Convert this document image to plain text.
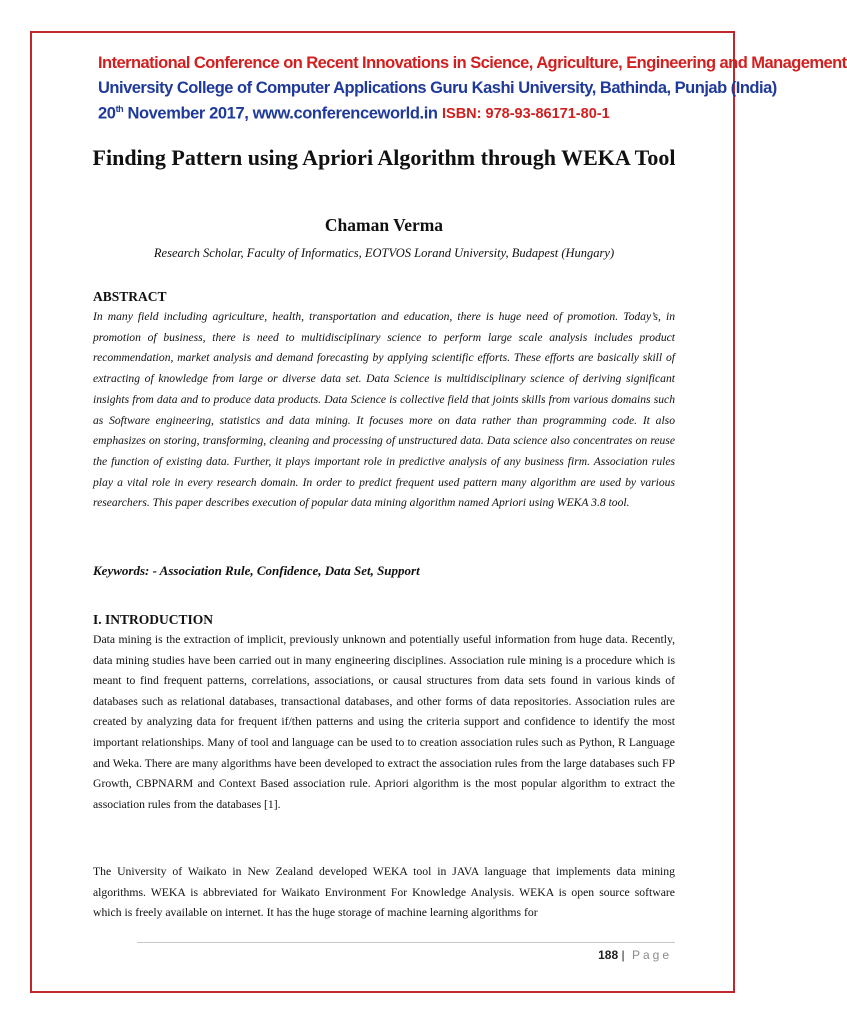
International Conference on Recent Innovations in Science, Agriculture, Engineering and Management
University College of Computer Applications Guru Kashi University, Bathinda, Punjab (India)
20th November 2017, www.conferenceworld.in ISBN: 978-93-86171-80-1
Finding Pattern using Apriori Algorithm through WEKA Tool
Chaman Verma
Research Scholar, Faculty of Informatics, EOTVOS Lorand University, Budapest (Hungary)
ABSTRACT
In many field including agriculture, health, transportation and education, there is huge need of promotion. Today’s, in promotion of business, there is need to multidisciplinary science to perform large scale analysis includes product recommendation, market analysis and demand forecasting by applying scientific efforts. These efforts are basically skill of extracting of knowledge from large or diverse data set. Data Science is multidisciplinary science of deriving significant insights from data and to produce data products. Data Science is collective field that joints skills from various domains such as Software engineering, statistics and data mining. It focuses more on data rather than programming code. It also emphasizes on storing, transforming, cleaning and processing of unstructured data. Data science also concentrates on reuse the function of existing data. Further, it plays important role in predictive analysis of any business firm. Association rules play a vital role in every research domain. In order to predict frequent used pattern many algorithm are used by various researchers. This paper describes execution of popular data mining algorithm named Apriori using WEKA 3.8 tool.
Keywords: - Association Rule, Confidence, Data Set, Support
I. INTRODUCTION
Data mining is the extraction of implicit, previously unknown and potentially useful information from huge data. Recently, data mining studies have been carried out in many engineering disciplines. Association rule mining is a procedure which is meant to find frequent patterns, correlations, associations, or causal structures from data sets found in various kinds of databases such as relational databases, transactional databases, and other forms of data repositories. Association rules are created by analyzing data for frequent if/then patterns and using the criteria support and confidence to identify the most important relationships. Many of tool and language can be used to to creation association rules such as Python, R Language and Weka. There are many algorithms have been developed to extract the association rules from the large databases such FP Growth, CBPNARM and Context Based association rule. Apriori algorithm is the most popular algorithm to extract the association rules from the databases [1].
The University of Waikato in New Zealand developed WEKA tool in JAVA language that implements data mining algorithms. WEKA is abbreviated for Waikato Environment For Knowledge Analysis. WEKA is open source software which is freely available on internet. It has the huge storage of machine learning algorithms for
188 | Page
